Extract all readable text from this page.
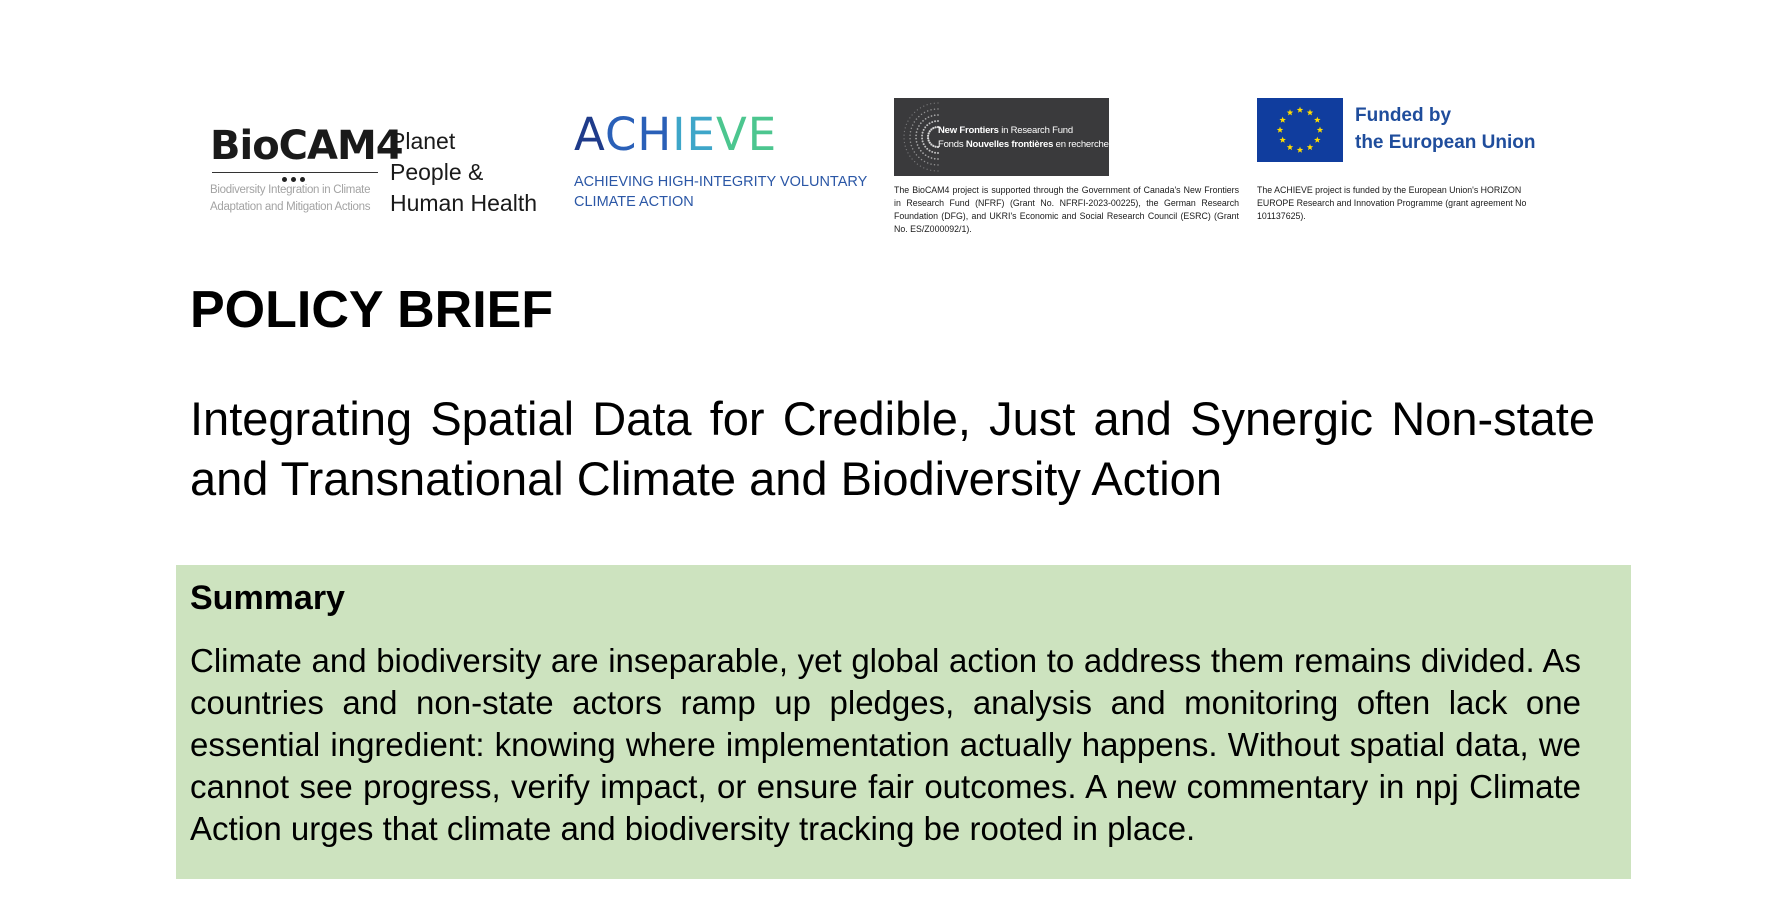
BioCAM4
Biodiversity Integration in Climate
Adaptation and Mitigation Actions
Planet
People &
Human Health
ACHIEVE
ACHIEVING HIGH-INTEGRITY VOLUNTARY
CLIMATE ACTION
New Frontiers in Research Fund
Fonds Nouvelles frontières en recherche
The BioCAM4 project is supported through the Government of Canada's New Frontiers in Research Fund (NFRF) (Grant No. NFRFI-2023-00225), the German Research Foundation (DFG), and UKRI's Economic and Social Research Council (ESRC) (Grant No. ES/Z000092/1).
Funded by
the European Union
The ACHIEVE project is funded by the European Union's HORIZON EUROPE Research and Innovation Programme (grant agreement No 101137625).
POLICY BRIEF
Integrating Spatial Data for Credible, Just and Synergic Non-state and Transnational Climate and Biodiversity Action
Summary
Climate and biodiversity are inseparable, yet global action to address them remains divided. As countries and non-state actors ramp up pledges, analysis and monitoring often lack one essential ingredient: knowing where implementation actually happens. Without spatial data, we cannot see progress, verify impact, or ensure fair outcomes. A new commentary in npj Climate Action urges that climate and biodiversity tracking be rooted in place.
